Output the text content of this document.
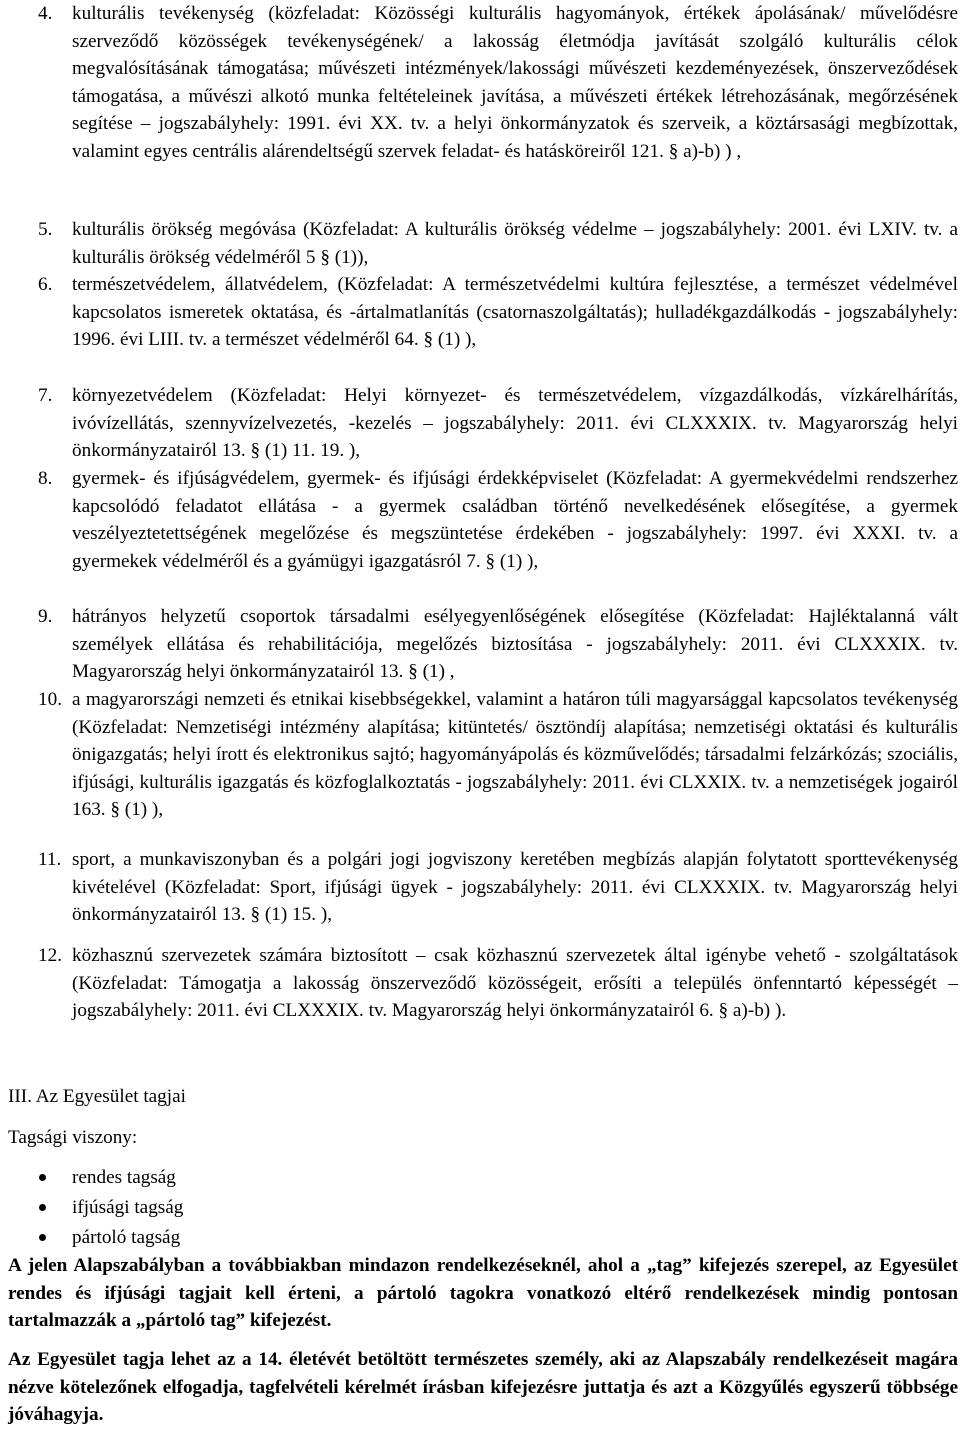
4. kulturális tevékenység (közfeladat: Közösségi kulturális hagyományok, értékek ápolásának/ művelődésre szerveződő közösségek tevékenységének/ a lakosság életmódja javítását szolgáló kulturális célok megvalósításának támogatása; művészeti intézmények/lakossági művészeti kezdeményezések, önszerveződések támogatása, a művészi alkotó munka feltételeinek javítása, a művészeti értékek létrehozásának, megőrzésének segítése – jogszabályhely: 1991. évi XX. tv. a helyi önkormányzatok és szerveik, a köztársasági megbízottak, valamint egyes centrális alárendeltségű szervek feladat- és hatásköreiről 121. § a)-b) ) ,
5. kulturális örökség megóvása (Közfeladat: A kulturális örökség védelme – jogszabályhely: 2001. évi LXIV. tv. a kulturális örökség védelméről 5 § (1)),
6. természetvédelem, állatvédelem, (Közfeladat: A természetvédelmi kultúra fejlesztése, a természet védelmével kapcsolatos ismeretek oktatása, és -ártalmatlanítás (csatornaszolgáltatás); hulladékgazdálkodás - jogszabályhely: 1996. évi LIII. tv. a természet védelméről 64. § (1) ),
7. környezetvédelem (Közfeladat: Helyi környezet- és természetvédelem, vízgazdálkodás, vízkárelhárítás, ivóvízellátás, szennyvízelvezetés, -kezelés – jogszabályhely: 2011. évi CLXXXIX. tv. Magyarország helyi önkormányzatairól 13. § (1) 11. 19. ),
8. gyermek- és ifjúságvédelem, gyermek- és ifjúsági érdekképviselet (Közfeladat: A gyermekvédelmi rendszerhez kapcsolódó feladatot ellátása - a gyermek családban történő nevelkedésének elősegítése, a gyermek veszélyeztetettségének megelőzése és megszüntetése érdekében - jogszabályhely: 1997. évi XXXI. tv. a gyermekek védelméről és a gyámügyi igazgatásról 7. § (1) ),
9. hátrányos helyzetű csoportok társadalmi esélyegyenlőségének elősegítése (Közfeladat: Hajléktalanná vált személyek ellátása és rehabilitációja, megelőzés biztosítása - jogszabályhely: 2011. évi CLXXXIX. tv. Magyarország helyi önkormányzatairól 13. § (1) ,
10. a magyarországi nemzeti és etnikai kisebbségekkel, valamint a határon túli magyarsággal kapcsolatos tevékenység (Közfeladat: Nemzetiségi intézmény alapítása; kitüntetés/ ösztöndíj alapítása; nemzetiségi oktatási és kulturális önigazgatás; helyi írott és elektronikus sajtó; hagyományápolás és közművelődés; társadalmi felzárkózás; szociális, ifjúsági, kulturális igazgatás és közfoglalkoztatás - jogszabályhely: 2011. évi CLXXIX. tv. a nemzetiségek jogairól 163. § (1) ),
11. sport, a munkaviszonyban és a polgári jogi jogviszony keretében megbízás alapján folytatott sporttevékenység kivételével (Közfeladat: Sport, ifjúsági ügyek - jogszabályhely: 2011. évi CLXXXIX. tv. Magyarország helyi önkormányzatairól 13. § (1) 15. ),
12. közhasznú szervezetek számára biztosított – csak közhasznú szervezetek által igénybe vehető - szolgáltatások (Közfeladat: Támogatja a lakosság önszerveződő közösségeit, erősíti a település önfenntartó képességét – jogszabályhely: 2011. évi CLXXXIX. tv. Magyarország helyi önkormányzatairól 6. § a)-b) ).
III. Az Egyesület tagjai
Tagsági viszony:
rendes tagság
ifjúsági tagság
pártoló tagság

A jelen Alapszabályban a továbbiakban mindazon rendelkezéseknél, ahol a „tag” kifejezés szerepel, az Egyesület rendes és ifjúsági tagjait kell érteni, a pártoló tagokra vonatkozó eltérő rendelkezések mindig pontosan tartalmazzák a „pártoló tag” kifejezést.

Az Egyesület tagja lehet az a 14. életévét betöltött természetes személy, aki az Alapszabály rendelkezéseit magára nézve kötelezőnek elfogadja, tagfelvételi kérelmét írásban kifejezésre juttatja és azt a Közgyűlés egyszerű többsége jóváhagyja.
